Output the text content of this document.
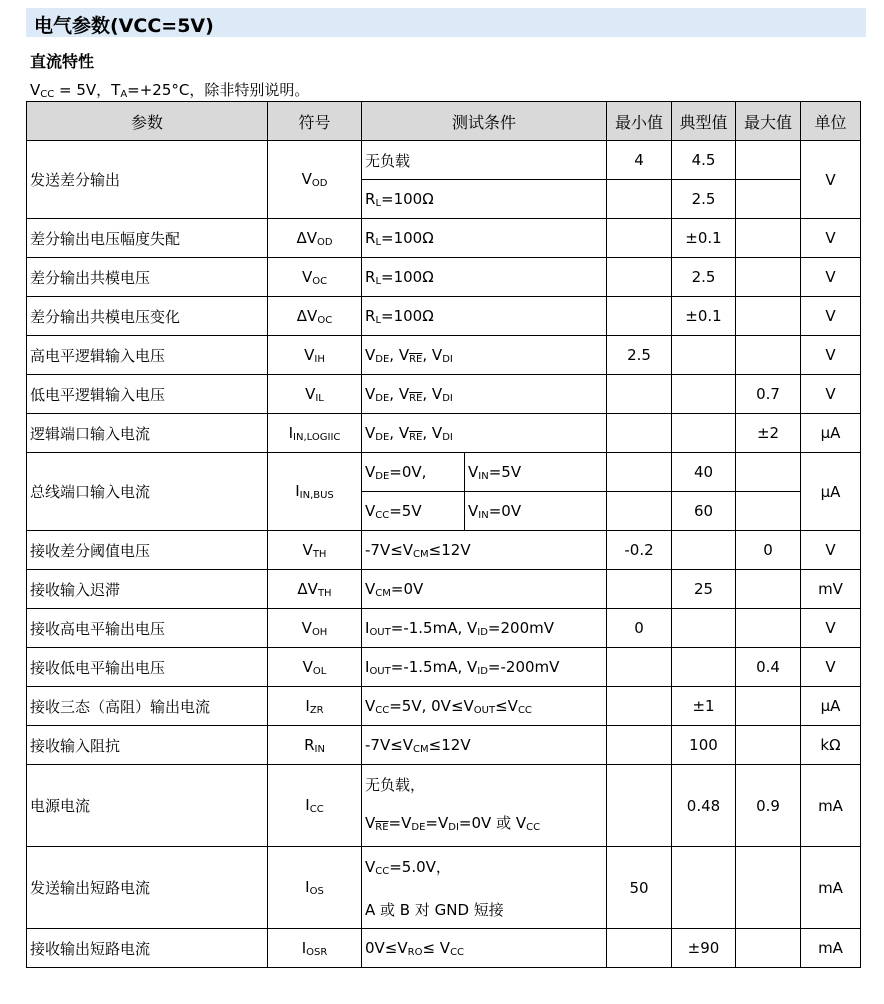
电气参数(VCC=5V)
直流特性
$V_{CC} = 5V$，$T_A=+25^\circ C$，除非特别说明。
参数	符号	测试条件	最小值	典型值	最大值	单位
发送差分输出	$V_{OD}$	无负载	4	4.5		V
		$R_L=100\Omega$		2.5		
差分输出电压幅度失配	$\Delta V_{OD}$	$R_L=100\Omega$		±0.1		V
差分输出共模电压	$V_{OC}$	$R_L=100\Omega$		2.5		V
差分输出共模电压变化	$\Delta V_{OC}$	$R_L=100\Omega$		±0.1		V
高电平逻辑输入电压	$V_{IH}$	$V_{DE}$, $V_{\overline{RE}}$, $V_{DI}$	2.5			V
低电平逻辑输入电压	$V_{IL}$	$V_{DE}$, $V_{\overline{RE}}$, $V_{DI}$			0.7	V
逻辑端口输入电流	$I_{IN,LOGIIC}$	$V_{DE}$, $V_{\overline{RE}}$, $V_{DI}$			±2	μA
总线端口输入电流	$I_{IN,BUS}$	$V_{DE}=0V$, $V_{IN}=5V$		40		μA

		$V_{CC}=5V$ $V_{IN}=0V$		60		
接收差分阈值电压	$V_{TH}$	$-7V\le V_{CM}\le 12V$	-0.2		0	V
接收输入迟滞	$\Delta V_{TH}$	$V_{CM}=0V$		25		mV
接收高电平输出电压	$V_{OH}$	$I_{OUT}=-1.5mA$, $V_{ID}=200mV$	0			V
接收低电平输出电压	$V_{OL}$	$I_{OUT}=-1.5mA$, $V_{ID}=-200mV$			0.4	V
接收三态（高阻）输出电流	$I_{ZR}$	$V_{CC}=5V$, $0V\le V_{OUT}\le V_{CC}$		±1		μA
接收输入阻抗	$R_{IN}$	$-7V\le V_{CM}\le 12V$		100		kΩ
电源电流	$I_{CC}$	无负载，
$V_{\overline{RE}}=V_{DE}=V_{DI}=0V$ 或 $V_{CC}$		0.48	0.9	mA
发送输出短路电流	$I_{OS}$	$V_{CC}=5.0V$，
A 或 B 对 GND 短接	50			mA
接收输出短路电流	$I_{OSR}$	$0V\le V_{RO}\le V_{CC}$		±90		mA
